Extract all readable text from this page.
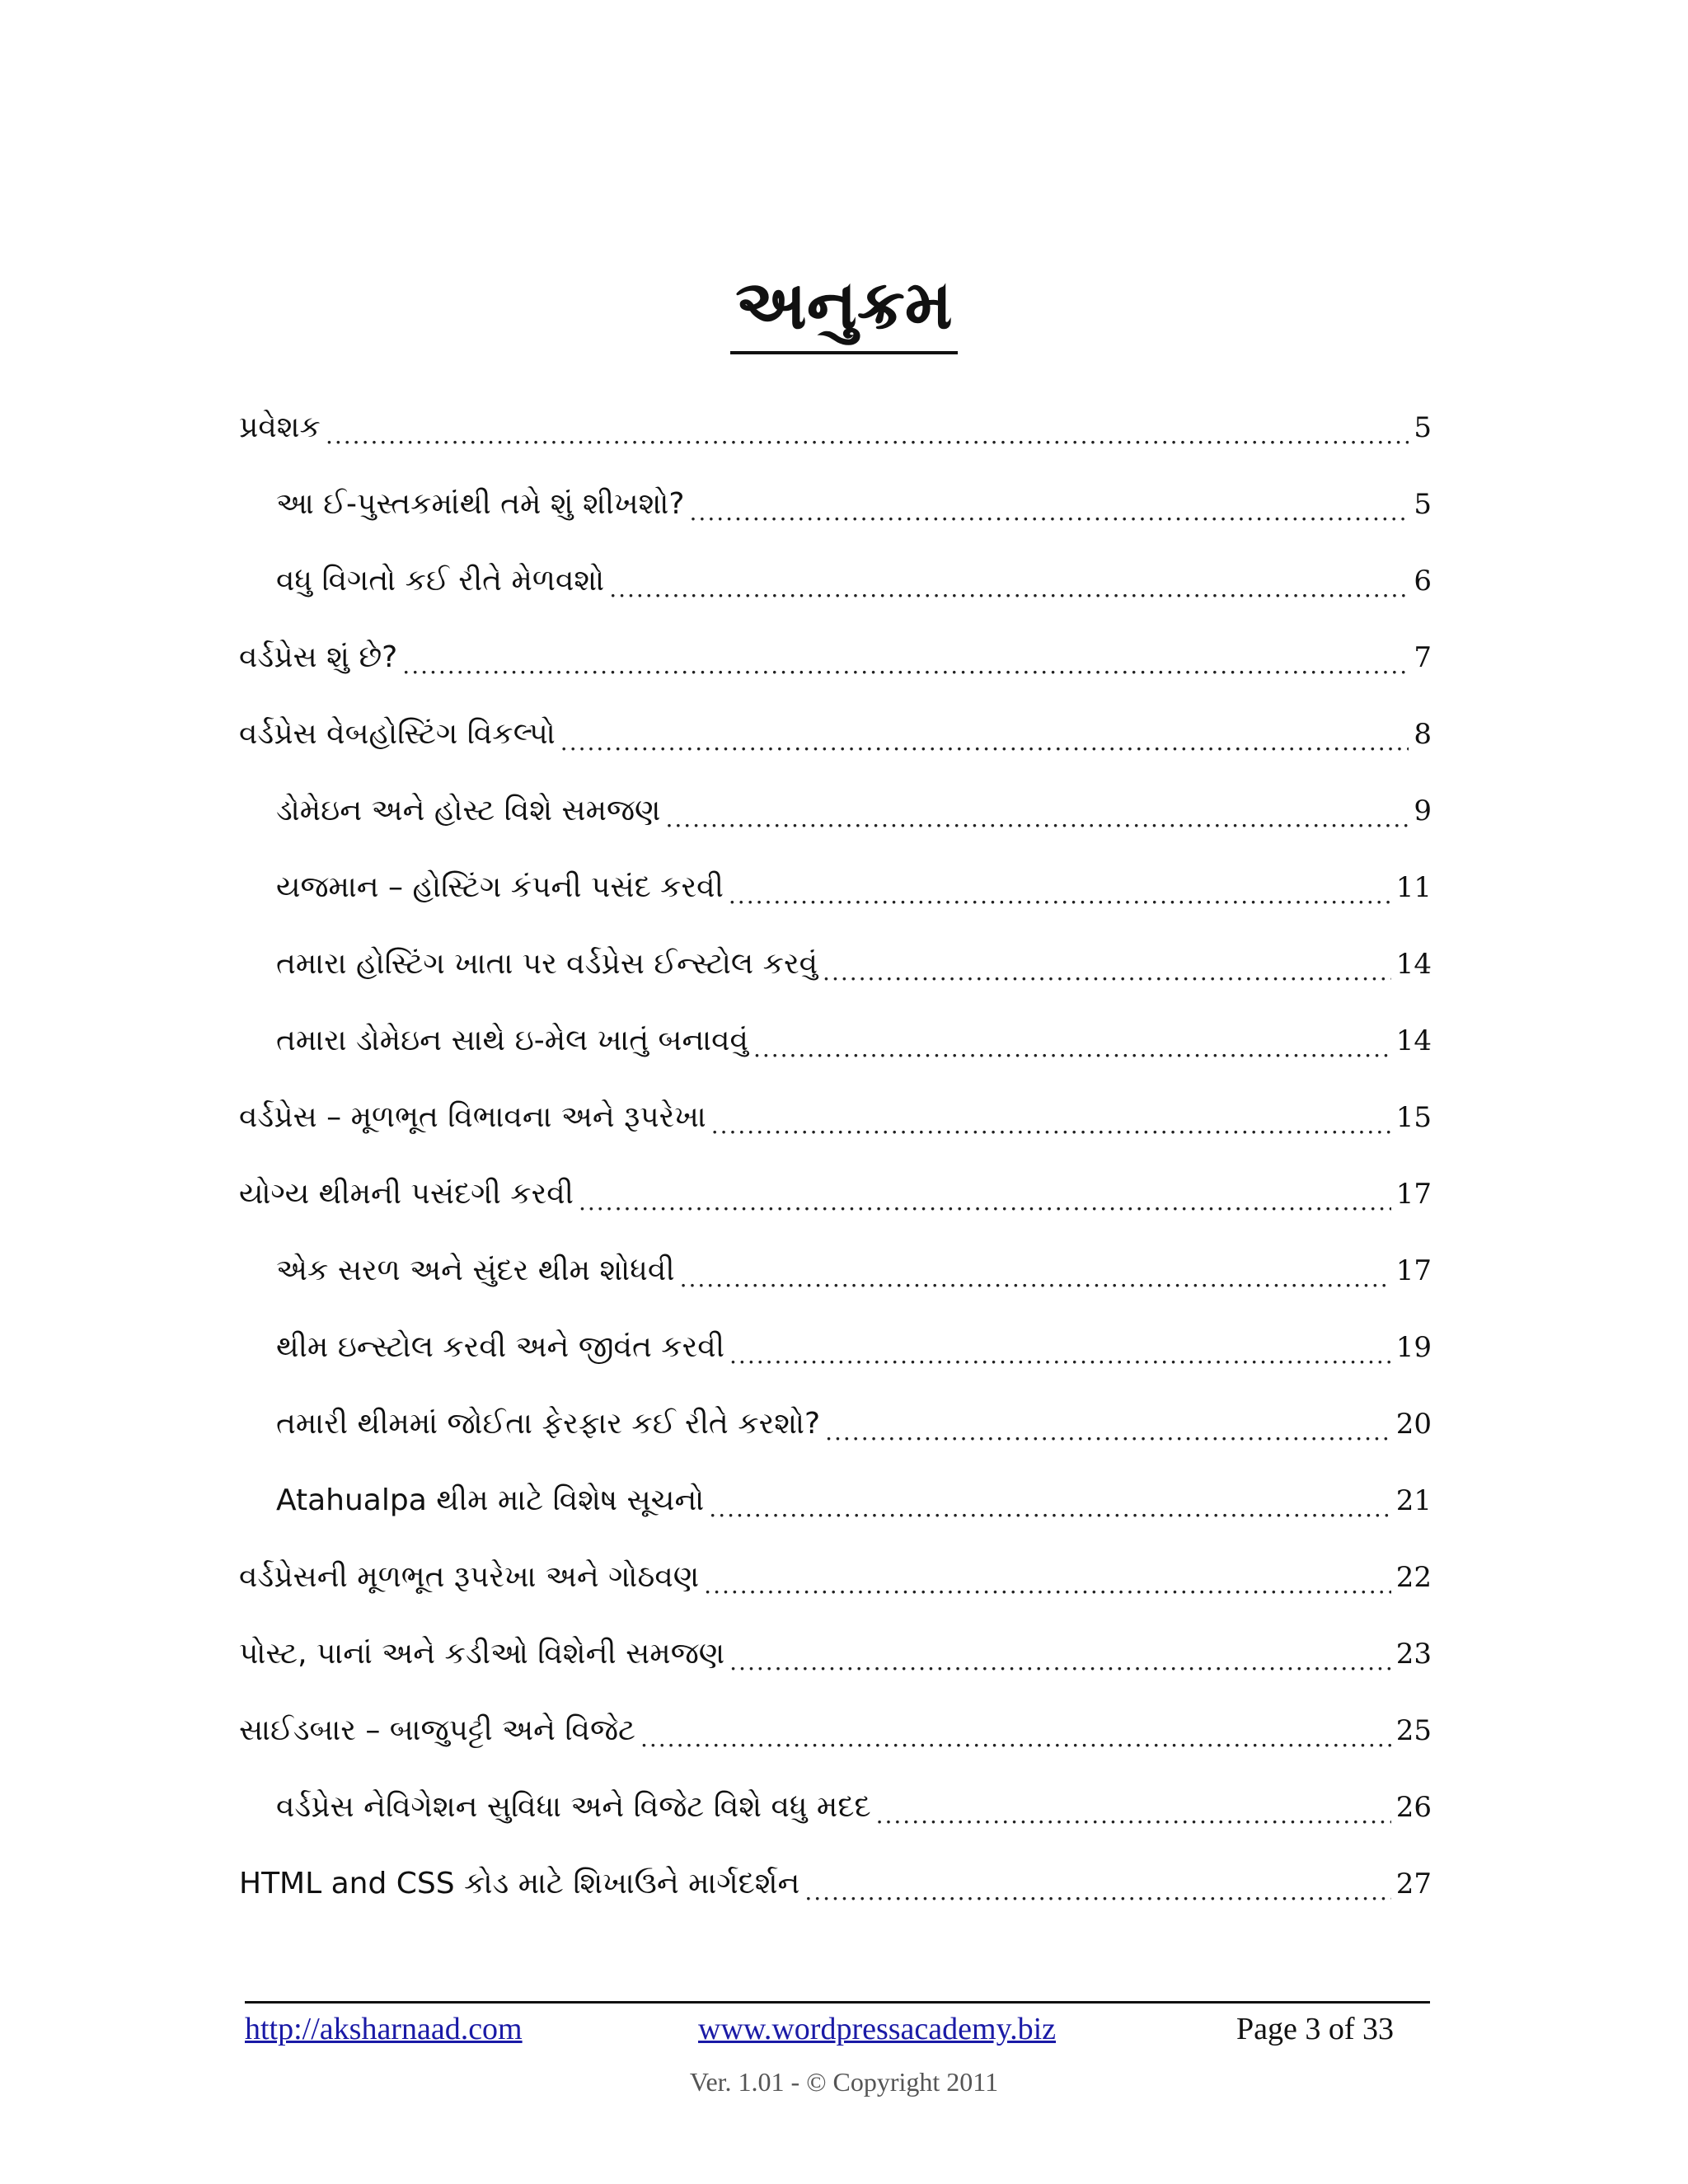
અનુક્રમ
પ્રવેશક .....	5
આ ઈ-પુસ્તકમાંથી તમે શું શીખશો? .....	5
વધુ વિગતો કઈ રીતે મેળવશો .....	6
વર્ડપ્રેસ શું છે? .....	7
વર્ડપ્રેસ વેબહોસ્ટિંગ વિકલ્પો .....	8
ડોમેઇન અને હોસ્ટ વિશે સમજણ .....	9
યજમાન – હોસ્ટિંગ કંપની પસંદ કરવી .....	11
તમારા હોસ્ટિંગ ખાતા પર વર્ડપ્રેસ ઈન્સ્ટોલ કરવું .....	14
તમારા ડોમેઇન સાથે ઇ-મેલ ખાતું બનાવવું .....	14
વર્ડપ્રેસ – મૂળભૂત વિભાવના અને રૂપરેખા .....	15
યોગ્ય થીમની પસંદગી કરવી .....	17
એક સરળ અને સુંદર થીમ શોધવી .....	17
થીમ ઇન્સ્ટોલ કરવી અને જીવંત કરવી .....	19
તમારી થીમમાં જોઈતા ફેરફાર કઈ રીતે કરશો? .....	20
Atahualpa થીમ માટે વિશેષ સૂચનો .....	21
વર્ડપ્રેસની મૂળભૂત રૂપરેખા અને ગોઠવણ .....	22
પોસ્ટ, પાનાં અને કડીઓ વિશેની સમજણ .....	23
સાઈડબાર – બાજુપટ્ટી અને વિજેટ .....	25
વર્ડપ્રેસ નેવિગેશન સુવિધા અને વિજેટ વિશે વધુ મદદ .....	26
HTML and CSS કોડ માટે શિખાઉને માર્ગદર્શન .....	27
http://aksharnaad.com	www.wordpressacademy.biz	Page 3 of 33
Ver. 1.01 - © Copyright 2011
